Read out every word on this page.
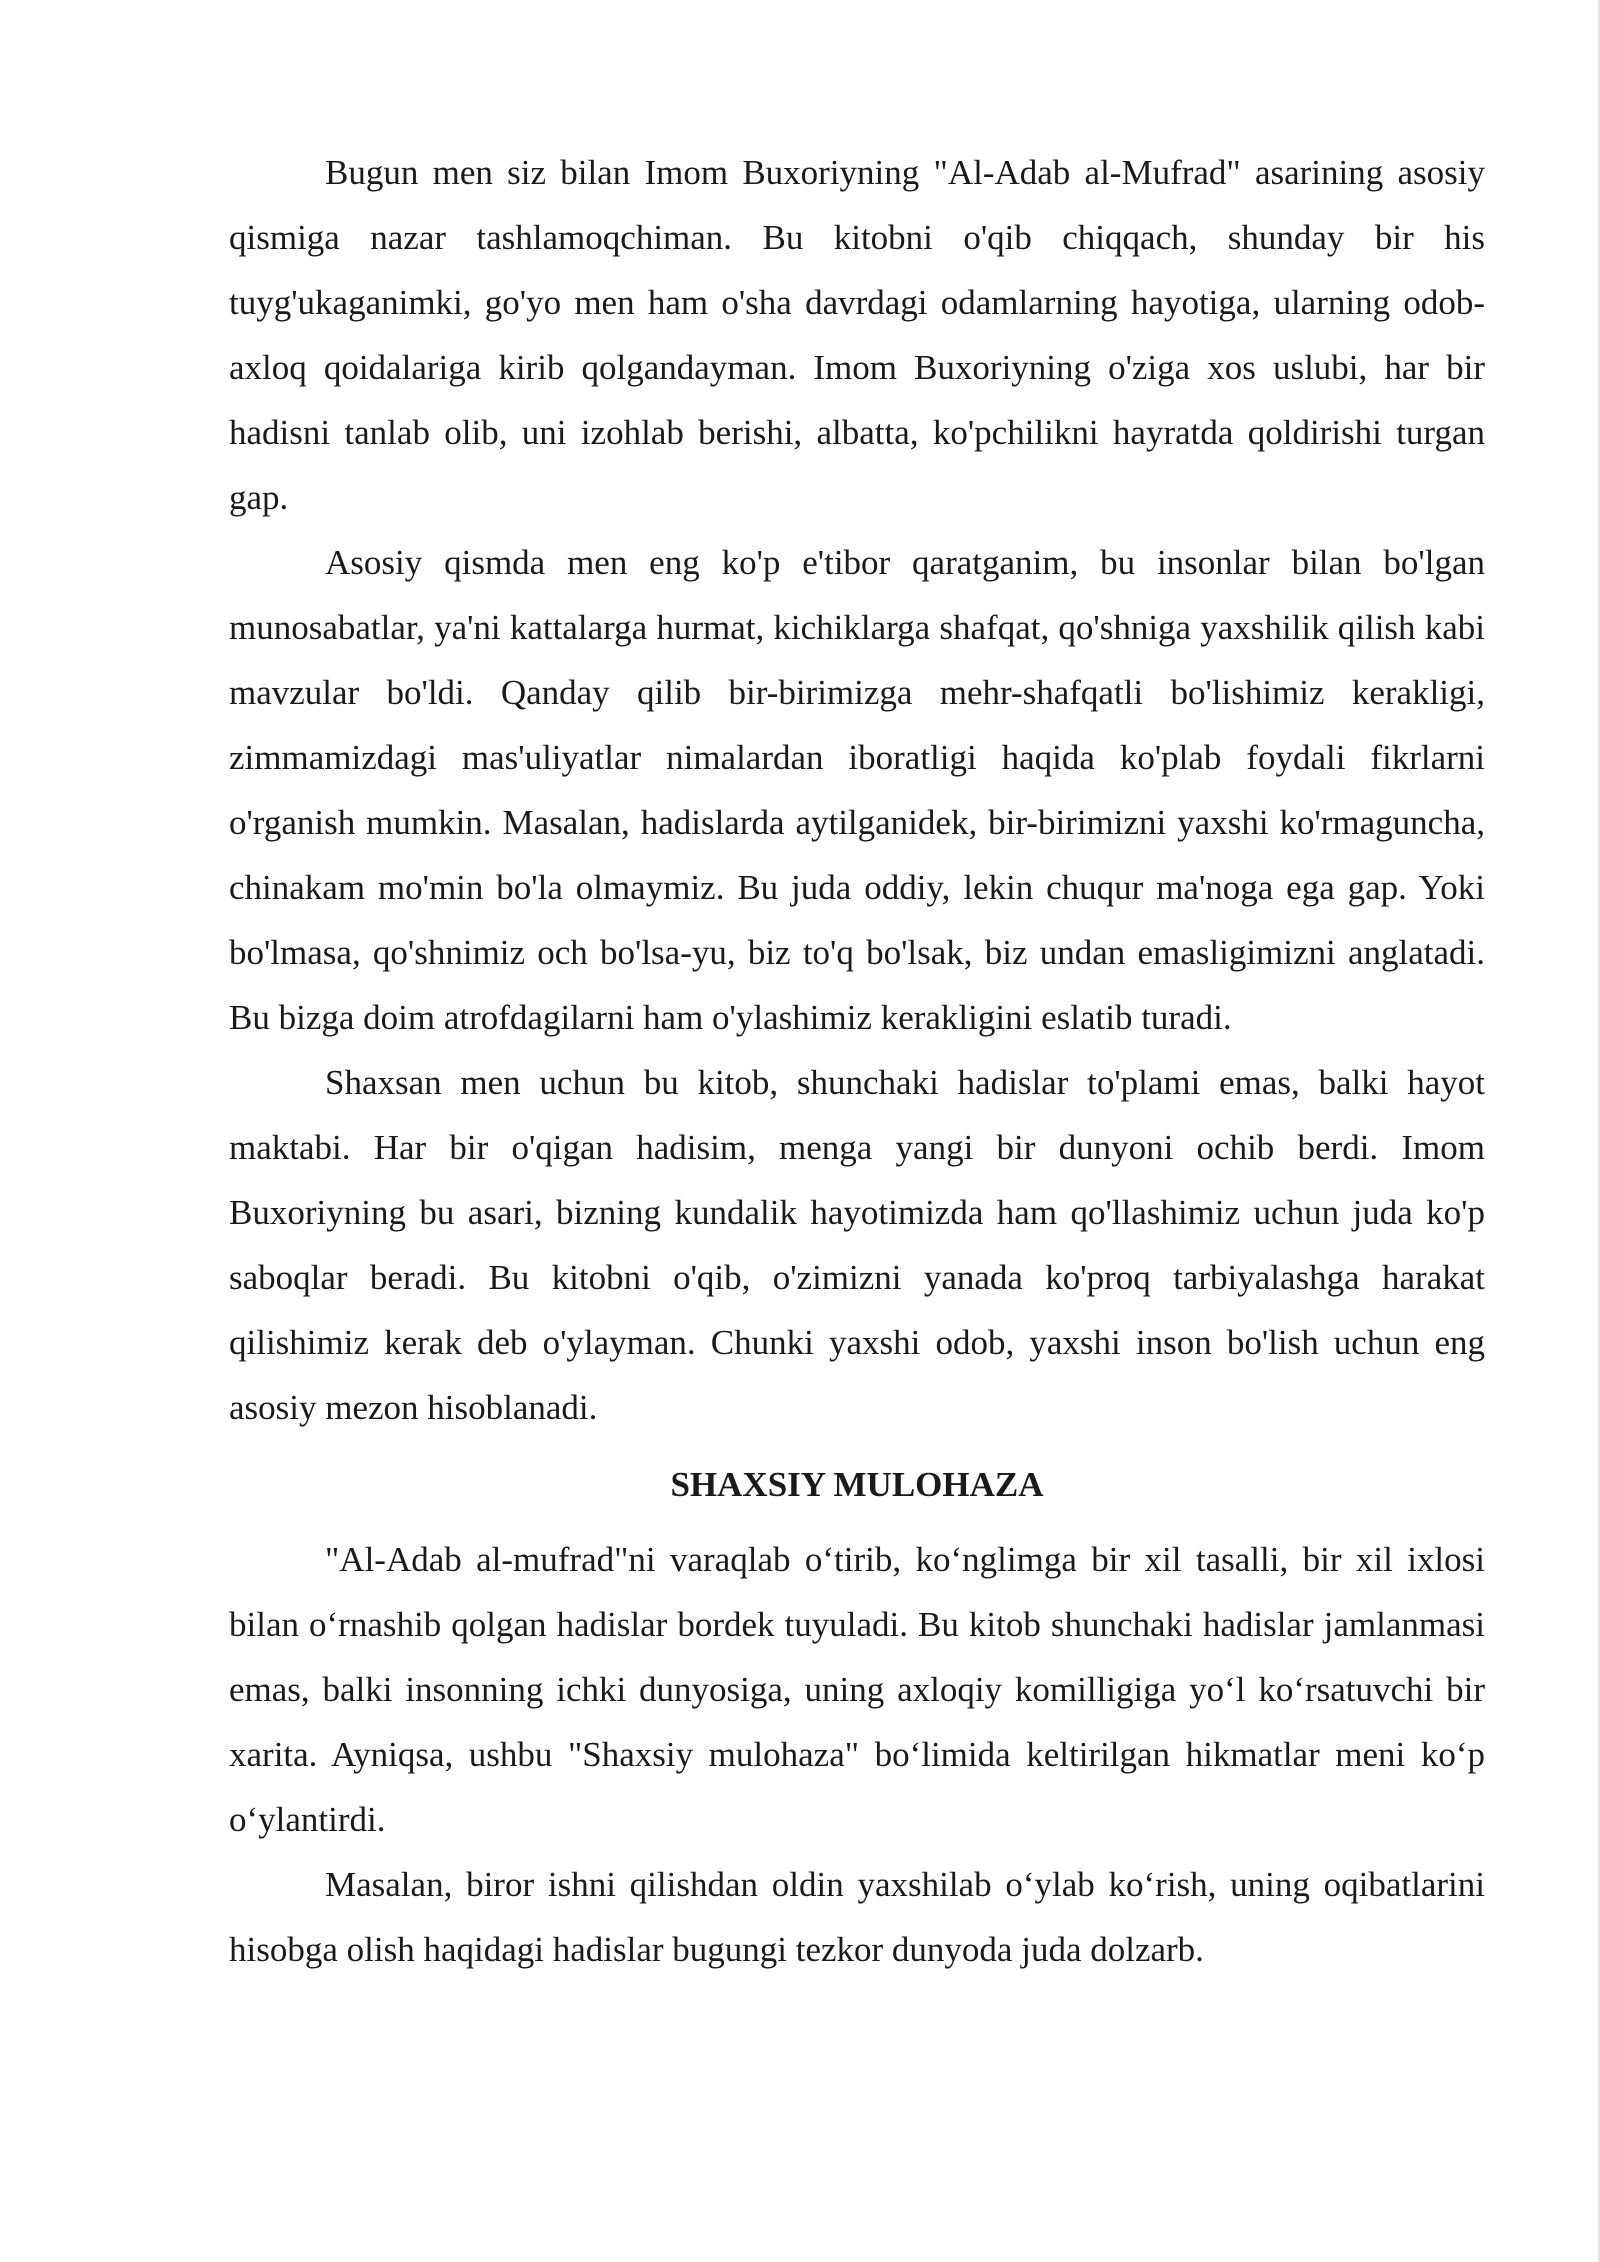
Bugun men siz bilan Imom Buxoriyning "Al-Adab al-Mufrad" asarining asosiy qismiga nazar tashlamoqchiman. Bu kitobni o'qib chiqqach, shunday bir his tuyg'ukaganimki, go'yo men ham o'sha davrdagi odamlarning hayotiga, ularning odob-axloq qoidalariga kirib qolgandayman. Imom Buxoriyning o'ziga xos uslubi, har bir hadisni tanlab olib, uni izohlab berishi, albatta, ko'pchilikni hayratda qoldirishi turgan gap.

Asosiy qismda men eng ko'p e'tibor qaratganim, bu insonlar bilan bo'lgan munosabatlar, ya'ni kattalarga hurmat, kichiklarga shafqat, qo'shniga yaxshilik qilish kabi mavzular bo'ldi. Qanday qilib bir-birimizga mehr-shafqatli bo'lishimiz kerakligi, zimmamizdagi mas'uliyatlar nimalardan iboratligi haqida ko'plab foydali fikrlarni o'rganish mumkin. Masalan, hadislarda aytilganidek, bir-birimizni yaxshi ko'rmaguncha, chinakam mo'min bo'la olmaymiz. Bu juda oddiy, lekin chuqur ma'noga ega gap. Yoki bo'lmasa, qo'shnimiz och bo'lsa-yu, biz to'q bo'lsak, biz undan emasligimizni anglatadi. Bu bizga doim atrofdagilarni ham o'ylashimiz kerakligini eslatib turadi.

Shaxsan men uchun bu kitob, shunchaki hadislar to'plami emas, balki hayot maktabi. Har bir o'qigan hadisim, menga yangi bir dunyoni ochib berdi. Imom Buxoriyning bu asari, bizning kundalik hayotimizda ham qo'llashimiz uchun juda ko'p saboqlar beradi. Bu kitobni o'qib, o'zimizni yanada ko'proq tarbiyalashga harakat qilishimiz kerak deb o'ylayman. Chunki yaxshi odob, yaxshi inson bo'lish uchun eng asosiy mezon hisoblanadi.

SHAXSIY MULOHAZA

"Al-Adab al-mufrad"ni varaqlab o‘tirib, ko‘nglimga bir xil tasalli, bir xil ixlosi bilan o‘rnashib qolgan hadislar bordek tuyuladi. Bu kitob shunchaki hadislar jamlanmasi emas, balki insonning ichki dunyosiga, uning axloqiy komilligiga yo‘l ko‘rsatuvchi bir xarita. Ayniqsa, ushbu "Shaxsiy mulohaza" bo‘limida keltirilgan hikmatlar meni ko‘p o‘ylantirdi.

Masalan, biror ishni qilishdan oldin yaxshilab o‘ylab ko‘rish, uning oqibatlarini hisobga olish haqidagi hadislar bugungi tezkor dunyoda juda dolzarb.
